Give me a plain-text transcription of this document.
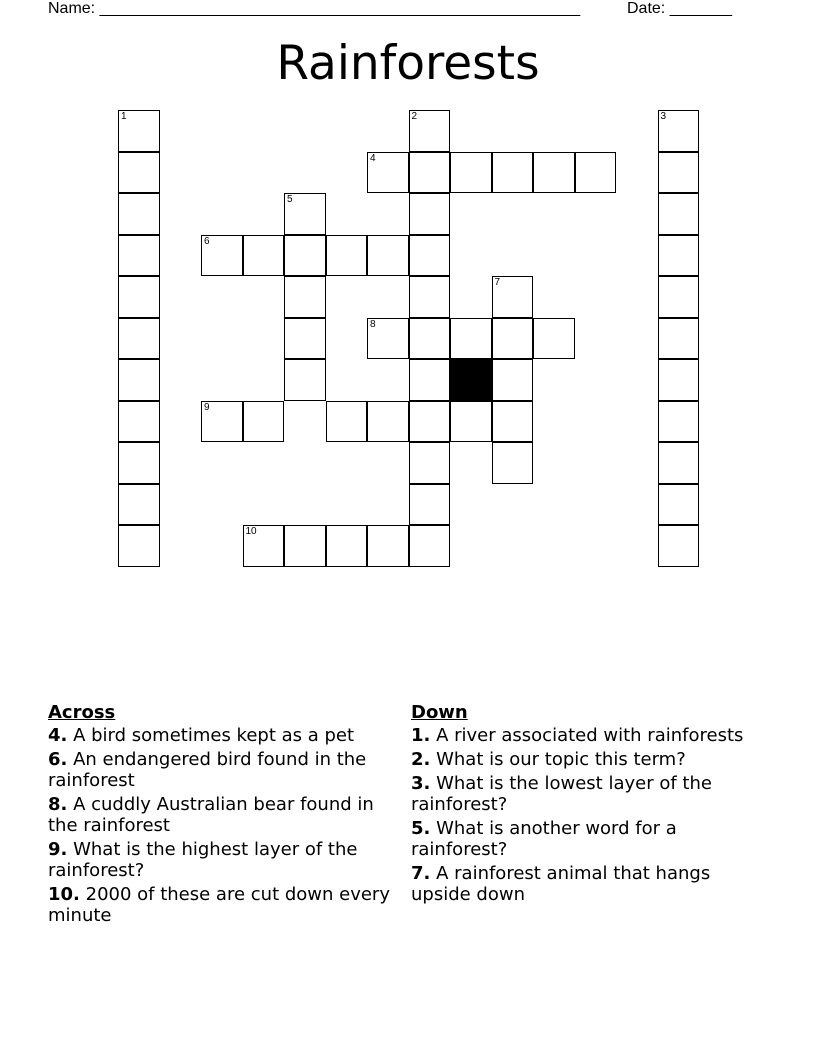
Name: ______________________________________________________	Date: _______
Rainforests
1	2	3
4
5
6
7
8
9
10
Across
4. A bird sometimes kept as a pet
6. An endangered bird found in the rainforest
8. A cuddly Australian bear found in the rainforest
9. What is the highest layer of the rainforest?
10. 2000 of these are cut down every minute
Down
1. A river associated with rainforests
2. What is our topic this term?
3. What is the lowest layer of the rainforest?
5. What is another word for a rainforest?
7. A rainforest animal that hangs upside down
